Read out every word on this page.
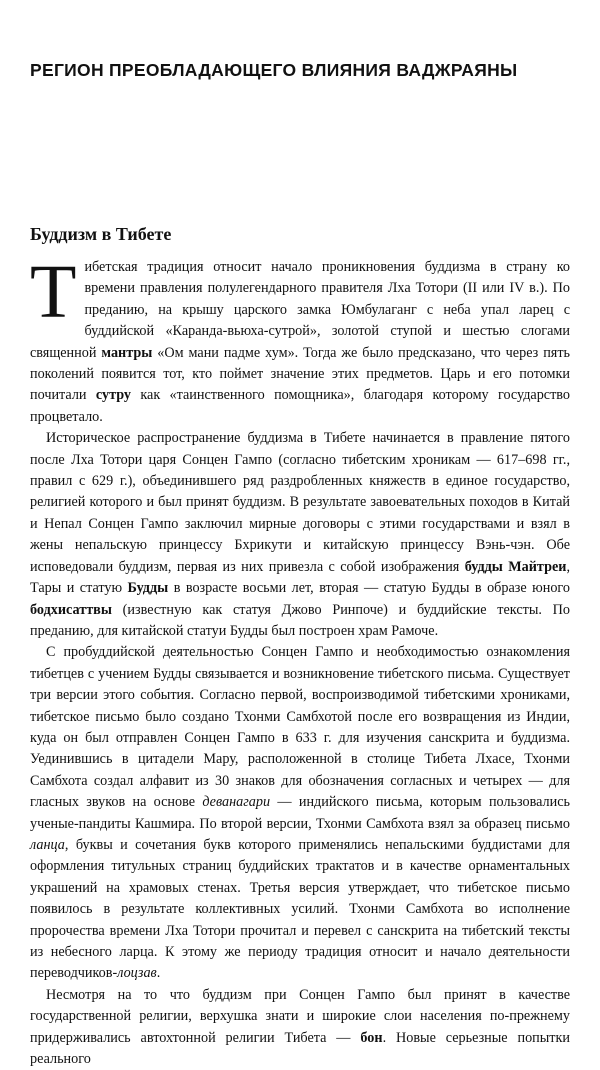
РЕГИОН ПРЕОБЛАДАЮЩЕГО ВЛИЯНИЯ ВАДЖРАЯНЫ
Буддизм в Тибете

Тибетская традиция относит начало проникновения буддизма в страну ко времени правления полулегендарного правителя Лха Тотори (II или IV в.). По преданию, на крышу царского замка Юмбулаганг с неба упал ларец с буддийской «Каранда-вьюха-сутрой», золотой ступой и шестью слогами священной мантры «Ом мани падме хум». Тогда же было предсказано, что через пять поколений появится тот, кто поймет значение этих предметов. Царь и его потомки почитали сутру как «таинственного помощника», благодаря которому государство процветало.

Историческое распространение буддизма в Тибете начинается в правление пятого после Лха Тотори царя Сонцен Гампо (согласно тибетским хроникам — 617–698 гг., правил с 629 г.), объединившего ряд раздробленных княжеств в единое государство, религией которого и был принят буддизм. В результате завоевательных походов в Китай и Непал Сонцен Гампо заключил мирные договоры с этими государствами и взял в жены непальскую принцессу Бхрикути и китайскую принцессу Вэнь-чэн. Обе исповедовали буддизм, первая из них привезла с собой изображения будды Майтреи, Тары и статую Будды в возрасте восьми лет, вторая — статую Будды в образе юного бодхисаттвы (известную как статуя Джово Ринпоче) и буддийские тексты. По преданию, для китайской статуи Будды был построен храм Рамоче.

С пробуддийской деятельностью Сонцен Гампо и необходимостью ознакомления тибетцев с учением Будды связывается и возникновение тибетского письма. Существует три версии этого события. Согласно первой, воспроизводимой тибетскими хрониками, тибетское письмо было создано Тхонми Самбхотой после его возвращения из Индии, куда он был отправлен Сонцен Гампо в 633 г. для изучения санскрита и буддизма. Уединившись в цитадели Мару, расположенной в столице Тибета Лхасе, Тхонми Самбхота создал алфавит из 30 знаков для обозначения согласных и четырех — для гласных звуков на основе деванагари — индийского письма, которым пользовались ученые-пандиты Кашмира. По второй версии, Тхонми Самбхота взял за образец письмо ланца, буквы и сочетания букв которого применялись непальскими буддистами для оформления титульных страниц буддийских трактатов и в качестве орнаментальных украшений на храмовых стенах. Третья версия утверждает, что тибетское письмо появилось в результате коллективных усилий. Тхонми Самбхота во исполнение пророчества времени Лха Тотори прочитал и перевел с санскрита на тибетский тексты из небесного ларца. К этому же периоду традиция относит и начало деятельности переводчиков-лоцзав.

Несмотря на то что буддизм при Сонцен Гампо был принят в качестве государственной религии, верхушка знати и широкие слои населения по-прежнему придерживались автохтонной религии Тибета — бон. Новые серьезные попытки реального
